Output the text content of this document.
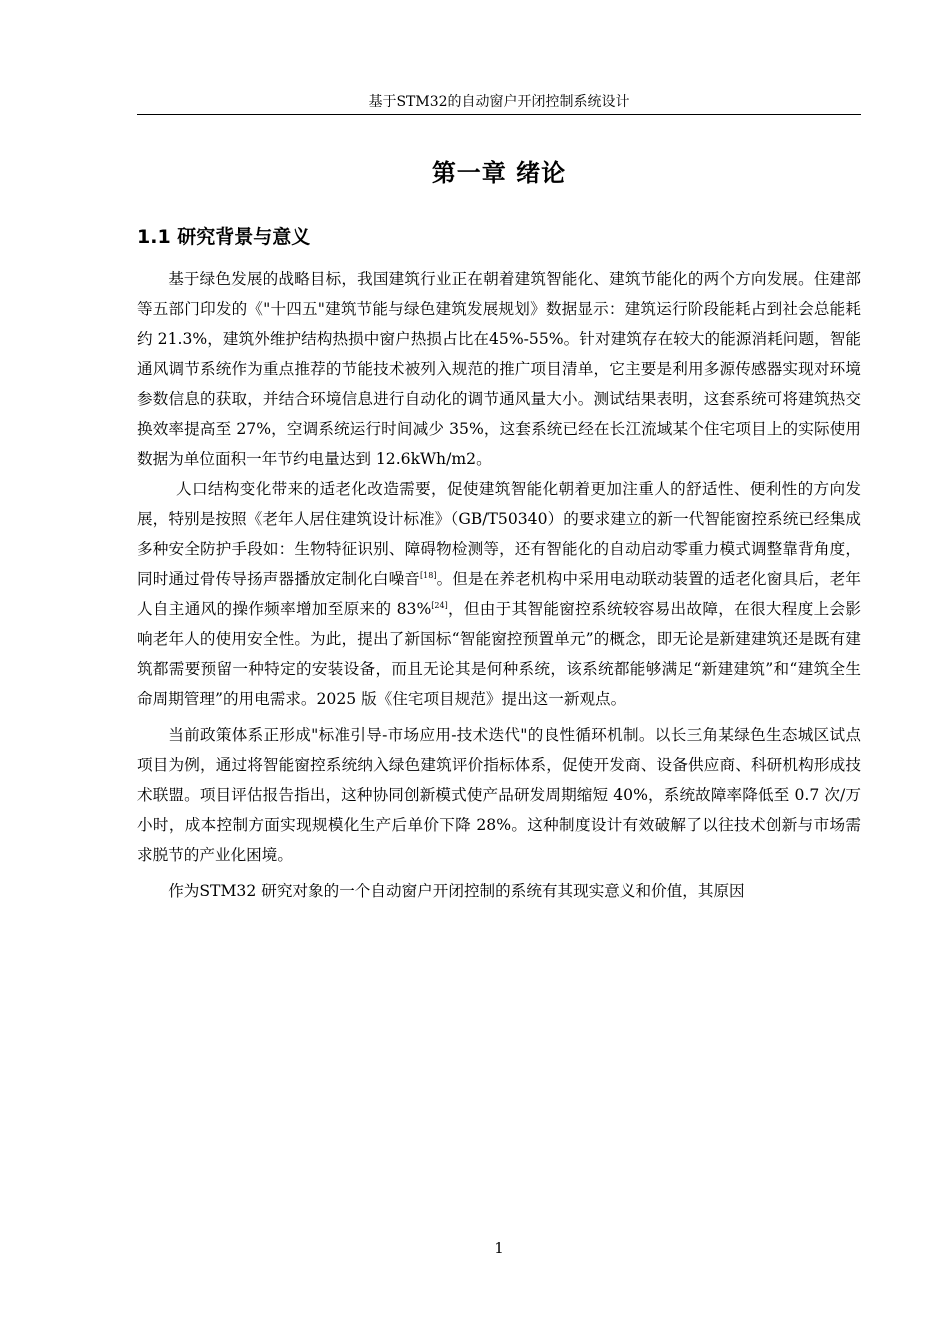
基于STM32的自动窗户开闭控制系统设计
第一章 绪论
1.1 研究背景与意义

基于绿色发展的战略目标，我国建筑行业正在朝着建筑智能化、建筑节能化的两个方向发展。住建部等五部门印发的《"十四五"建筑节能与绿色建筑发展规划》数据显示：建筑运行阶段能耗占到社会总能耗约 21.3%，建筑外维护结构热损中窗户热损占比在45%-55%。针对建筑存在较大的能源消耗问题，智能通风调节系统作为重点推荐的节能技术被列入规范的推广项目清单，它主要是利用多源传感器实现对环境参数信息的获取，并结合环境信息进行自动化的调节通风量大小。测试结果表明，这套系统可将建筑热交换效率提高至 27%，空调系统运行时间减少 35%，这套系统已经在长江流域某个住宅项目上的实际使用数据为单位面积一年节约电量达到 12.6kWh/m2。

人口结构变化带来的适老化改造需要，促使建筑智能化朝着更加注重人的舒适性、便利性的方向发展，特别是按照《老年人居住建筑设计标准》（GB/T50340）的要求建立的新一代智能窗控系统已经集成多种安全防护手段如：生物特征识别、障碍物检测等，还有智能化的自动启动零重力模式调整靠背角度，同时通过骨传导扬声器播放定制化白噪音[18]。但是在养老机构中采用电动联动装置的适老化窗具后，老年人自主通风的操作频率增加至原来的 83%[24]，但由于其智能窗控系统较容易出故障，在很大程度上会影响老年人的使用安全性。为此，提出了新国标“智能窗控预置单元”的概念，即无论是新建建筑还是既有建筑都需要预留一种特定的安装设备，而且无论其是何种系统，该系统都能够满足“新建建筑”和“建筑全生命周期管理”的用电需求。2025 版《住宅项目规范》提出这一新观点。

当前政策体系正形成"标准引导-市场应用-技术迭代"的良性循环机制。以长三角某绿色生态城区试点项目为例，通过将智能窗控系统纳入绿色建筑评价指标体系，促使开发商、设备供应商、科研机构形成技术联盟。项目评估报告指出，这种协同创新模式使产品研发周期缩短 40%，系统故障率降低至 0.7 次/万小时，成本控制方面实现规模化生产后单价下降 28%。这种制度设计有效破解了以往技术创新与市场需求脱节的产业化困境。

作为STM32 研究对象的一个自动窗户开闭控制的系统有其现实意义和价值，其原因

1
